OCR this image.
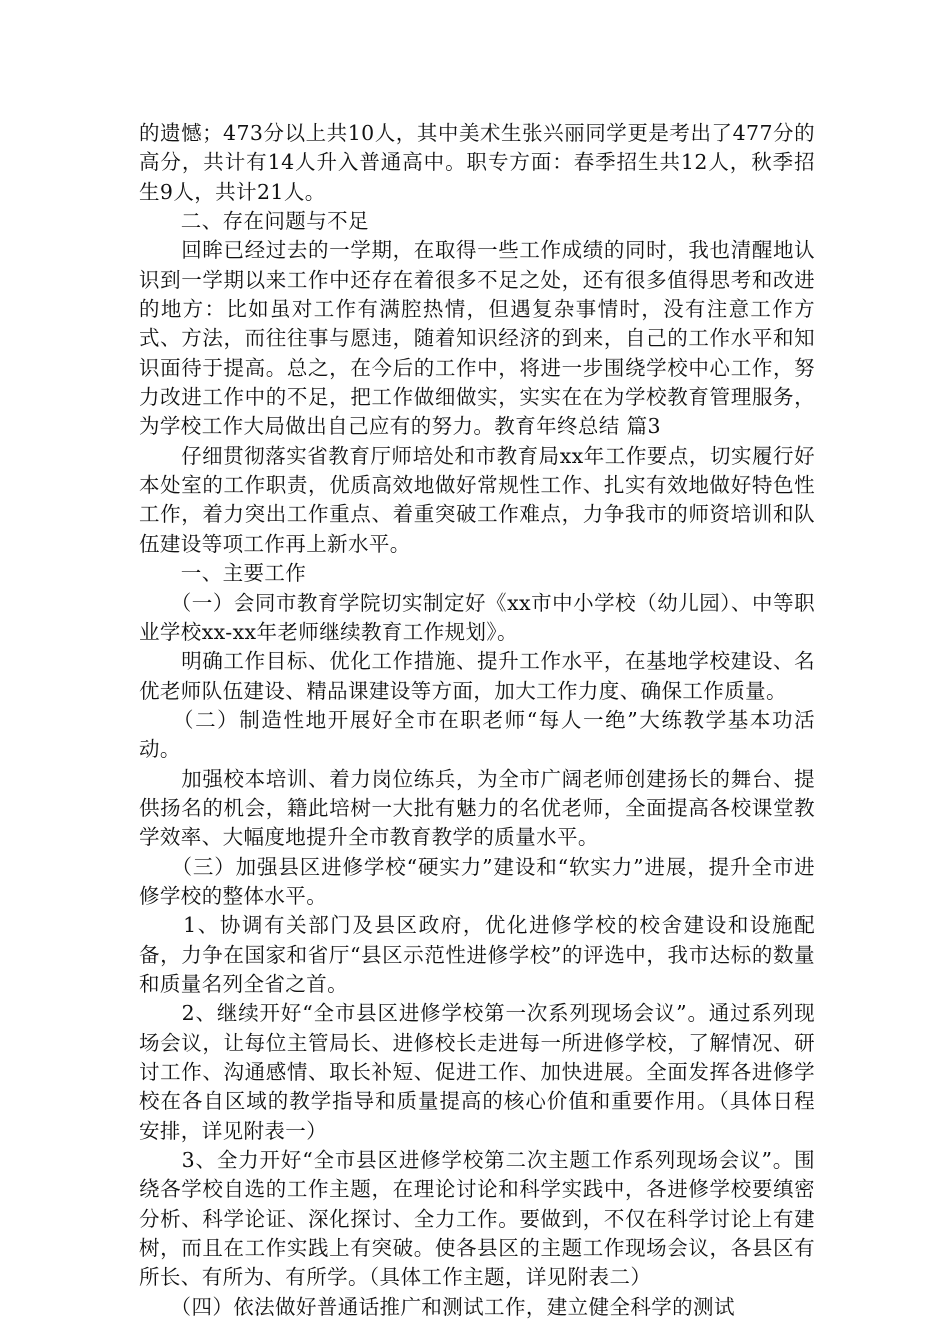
的遗憾；473分以上共10人，其中美术生张兴丽同学更是考出了477分的高分，共计有14人升入普通高中。职专方面：春季招生共12人，秋季招生9人，共计21人。

　　二、存在问题与不足

　　回眸已经过去的一学期，在取得一些工作成绩的同时，我也清醒地认识到一学期以来工作中还存在着很多不足之处，还有很多值得思考和改进的地方：比如虽对工作有满腔热情，但遇复杂事情时，没有注意工作方式、方法，而往往事与愿违，随着知识经济的到来，自己的工作水平和知识面待于提高。总之，在今后的工作中，将进一步围绕学校中心工作，努力改进工作中的不足，把工作做细做实，实实在在为学校教育管理服务，为学校工作大局做出自己应有的努力。教育年终总结 篇3

　　仔细贯彻落实省教育厅师培处和市教育局xx年工作要点，切实履行好本处室的工作职责，优质高效地做好常规性工作、扎实有效地做好特色性工作，着力突出工作重点、着重突破工作难点，力争我市的师资培训和队伍建设等项工作再上新水平。

　　一、主要工作

　　（一）会同市教育学院切实制定好《xx市中小学校（幼儿园）、中等职业学校xx-xx年老师继续教育工作规划》。

　　明确工作目标、优化工作措施、提升工作水平，在基地学校建设、名优老师队伍建设、精品课建设等方面，加大工作力度、确保工作质量。

　　（二）制造性地开展好全市在职老师“每人一绝”大练教学基本功活动。

　　加强校本培训、着力岗位练兵，为全市广阔老师创建扬长的舞台、提供扬名的机会，籍此培树一大批有魅力的名优老师，全面提高各校课堂教学效率、大幅度地提升全市教育教学的质量水平。

　　（三）加强县区进修学校“硬实力”建设和“软实力”进展，提升全市进修学校的整体水平。

　　1、协调有关部门及县区政府，优化进修学校的校舍建设和设施配备，力争在国家和省厅“县区示范性进修学校”的评选中，我市达标的数量和质量名列全省之首。

　　2、继续开好“全市县区进修学校第一次系列现场会议”。通过系列现场会议，让每位主管局长、进修校长走进每一所进修学校，了解情况、研讨工作、沟通感情、取长补短、促进工作、加快进展。全面发挥各进修学校在各自区域的教学指导和质量提高的核心价值和重要作用。（具体日程安排，详见附表一）

　　3、全力开好“全市县区进修学校第二次主题工作系列现场会议”。围绕各学校自选的工作主题，在理论讨论和科学实践中，各进修学校要缜密分析、科学论证、深化探讨、全力工作。要做到，不仅在科学讨论上有建树，而且在工作实践上有突破。使各县区的主题工作现场会议，各县区有所长、有所为、有所学。（具体工作主题，详见附表二）

　　（四）依法做好普通话推广和测试工作，建立健全科学的测试
